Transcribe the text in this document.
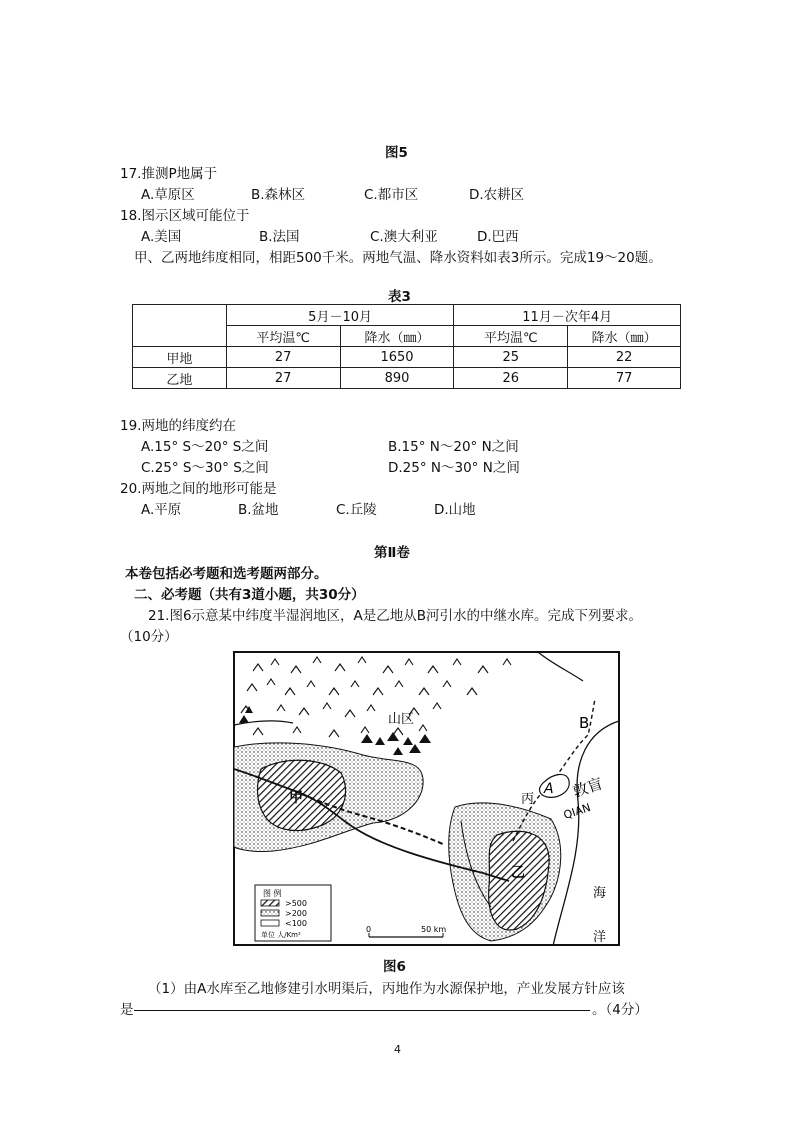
图5
17.推测P地属于
A.草原区	B.森林区	C.都市区	D.农耕区
18.图示区域可能位于
A.美国	B.法国	C.澳大利亚	D.巴西
甲、乙两地纬度相同，相距500千米。两地气温、降水资料如表3所示。完成19～20题。
表3
	5月－10月		11月－次年4月	
	平均温℃	降水（㎜）	平均温℃	降水（㎜）
甲地	27	1650	25	22
乙地	27	890	26	77
19.两地的纬度约在
A.15° S～20° S之间	B.15° N～20° N之间
C.25° S～30° S之间	D.25° N～30° N之间
20.两地之间的地形可能是
A.平原	B.盆地	C.丘陵	D.山地
第Ⅱ卷
本卷包括必考题和选考题两部分。
二、必考题（共有3道小题，共30分）
21.图6示意某中纬度半湿润地区，A是乙地从B河引水的中继水库。完成下列要求。
（10分）
山区	B
A
丙
甲
乙
敦盲
QIAN
海
洋
图 例
>500
>200
<100
单位 人/Km²
0	50 km
图6
（1）由A水库至乙地修建引水明渠后，丙地作为水源保护地，产业发展方针应该
是	。（4分）
4
